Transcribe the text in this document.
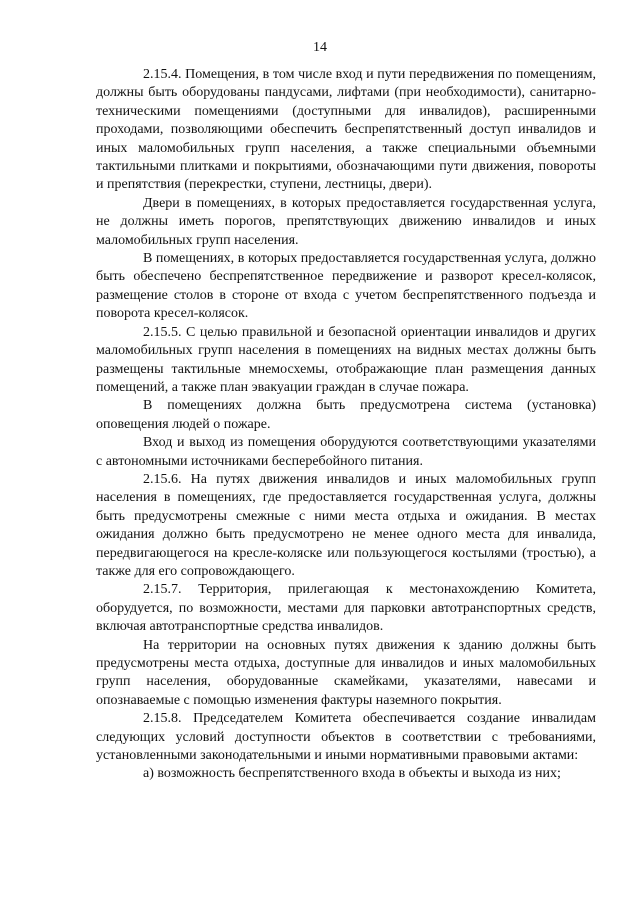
14

2.15.4. Помещения, в том числе вход и пути передвижения по помещениям, должны быть оборудованы пандусами, лифтами (при необходимости), санитарно-техническими помещениями (доступными для инвалидов), расширенными проходами, позволяющими обеспечить беспрепятственный доступ инвалидов и иных маломобильных групп населения, а также специальными объемными тактильными плитками и покрытиями, обозначающими пути движения, повороты и препятствия (перекрестки, ступени, лестницы, двери).

Двери в помещениях, в которых предоставляется государственная услуга, не должны иметь порогов, препятствующих движению инвалидов и иных маломобильных групп населения.

В помещениях, в которых предоставляется государственная услуга, должно быть обеспечено беспрепятственное передвижение и разворот кресел-колясок, размещение столов в стороне от входа с учетом беспрепятственного подъезда и поворота кресел-колясок.

2.15.5. С целью правильной и безопасной ориентации инвалидов и других маломобильных групп населения в помещениях на видных местах должны быть размещены тактильные мнемосхемы, отображающие план размещения данных помещений, а также план эвакуации граждан в случае пожара.

В помещениях должна быть предусмотрена система (установка) оповещения людей о пожаре.

Вход и выход из помещения оборудуются соответствующими указателями с автономными источниками бесперебойного питания.

2.15.6. На путях движения инвалидов и иных маломобильных групп населения в помещениях, где предоставляется государственная услуга, должны быть предусмотрены смежные с ними места отдыха и ожидания. В местах ожидания должно быть предусмотрено не менее одного места для инвалида, передвигающегося на кресле-коляске или пользующегося костылями (тростью), а также для его сопровождающего.

2.15.7. Территория, прилегающая к местонахождению Комитета, оборудуется, по возможности, местами для парковки автотранспортных средств, включая автотранспортные средства инвалидов.

На территории на основных путях движения к зданию должны быть предусмотрены места отдыха, доступные для инвалидов и иных маломобильных групп населения, оборудованные скамейками, указателями, навесами и опознаваемые с помощью изменения фактуры наземного покрытия.

2.15.8. Председателем Комитета обеспечивается создание инвалидам следующих условий доступности объектов в соответствии с требованиями, установленными законодательными и иными нормативными правовыми актами:

а) возможность беспрепятственного входа в объекты и выхода из них;
